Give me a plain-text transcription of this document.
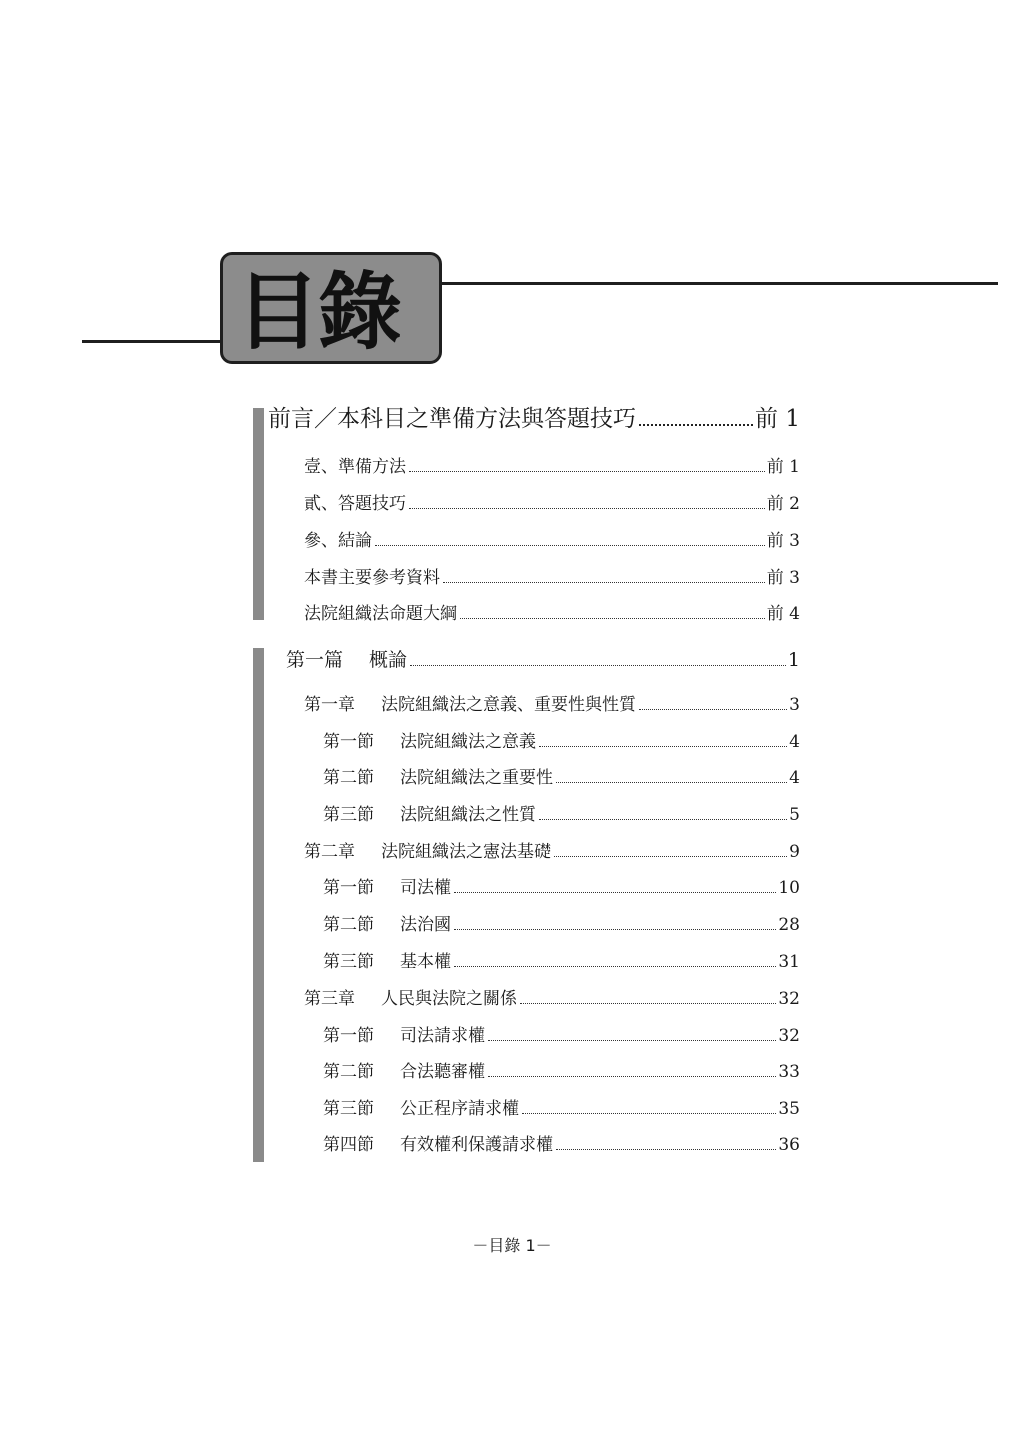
目錄
前言／本科目之準備方法與答題技巧	前 1
壹、準備方法	前 1
貳、答題技巧	前 2
參、結論	前 3
本書主要參考資料	前 3
法院組織法命題大綱	前 4
第一篇 概論	1
第一章 法院組織法之意義、重要性與性質	3
第一節 法院組織法之意義	4
第二節 法院組織法之重要性	4
第三節 法院組織法之性質	5
第二章 法院組織法之憲法基礎	9
第一節 司法權	10
第二節 法治國	28
第三節 基本權	31
第三章 人民與法院之關係	32
第一節 司法請求權	32
第二節 合法聽審權	33
第三節 公正程序請求權	35
第四節 有效權利保護請求權	36
－目錄 1－
